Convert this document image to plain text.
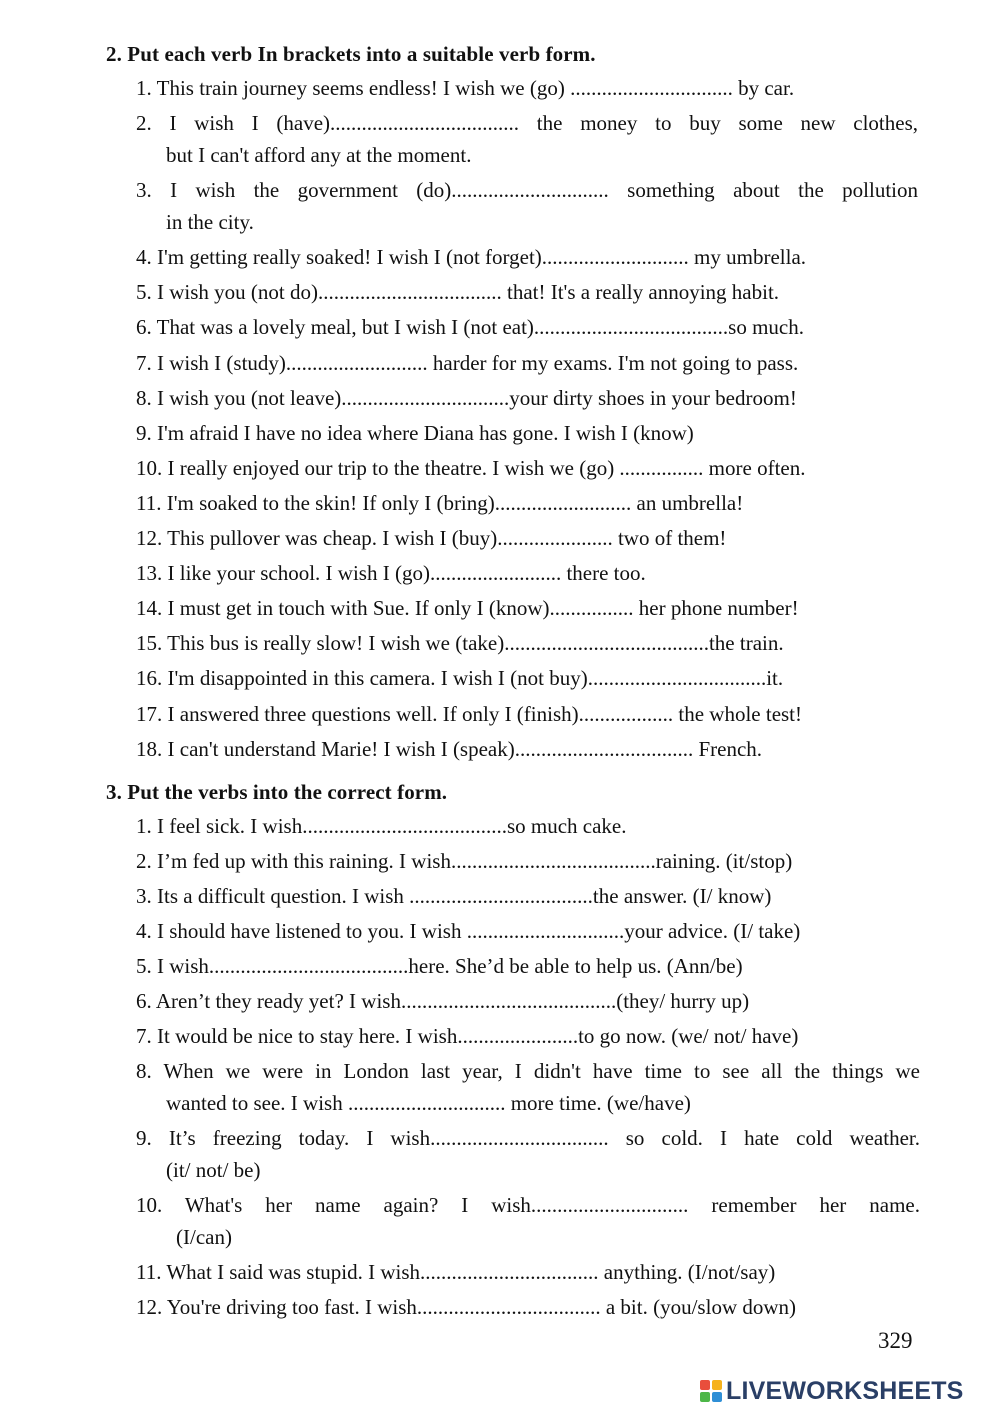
2. Put each verb In brackets into a suitable verb form.
1. This train journey seems endless! I wish we (go) ............................... by car.
2. I wish I (have).................................... the money to buy some new clothes,
but I can't afford any at the moment.
3. I wish the government (do).............................. something about the pollution
in the city.
4. I'm getting really soaked! I wish I (not forget)............................ my umbrella.
5. I wish you (not do)................................... that! It's a really annoying habit.
6. That was a lovely meal, but I wish I (not eat).....................................so much.
7. I wish I (study)........................... harder for my exams. I'm not going to pass.
8. I wish you (not leave)................................your dirty shoes in your bedroom!
9. I'm afraid I have no idea where Diana has gone. I wish I (know)
10. I really enjoyed our trip to the theatre. I wish we (go) ................ more often.
11. I'm soaked to the skin! If only I (bring).......................... an umbrella!
12. This pullover was cheap. I wish I (buy)...................... two of them!
13. I like your school. I wish I (go)......................... there too.
14. I must get in touch with Sue. If only I (know)................ her phone number!
15. This bus is really slow! I wish we (take).......................................the train.
16. I'm disappointed in this camera. I wish I (not buy)..................................it.
17. I answered three questions well. If only I (finish).................. the whole test!
18. I can't understand Marie! I wish I (speak).................................. French.
3. Put the verbs into the correct form.
1. I feel sick. I wish.......................................so much cake.
2. I’m fed up with this raining. I wish.......................................raining. (it/stop)
3. Its a difficult question. I wish ...................................the answer. (I/ know)
4. I should have listened to you. I wish ..............................your advice. (I/ take)
5. I wish......................................here. She’d be able to help us. (Ann/be)
6. Aren’t they ready yet? I wish.........................................(they/ hurry up)
7. It would be nice to stay here. I wish.......................to go now. (we/ not/ have)
8. When we were in London last year, I didn't have time to see all the things we
wanted to see. I wish .............................. more time. (we/have)
9. It’s freezing today. I wish.................................. so cold. I hate cold weather.
(it/ not/ be)
10. What's her name again? I wish.............................. remember her name.
(I/can)
11. What I said was stupid. I wish.................................. anything. (I/not/say)
12. You're driving too fast. I wish................................... a bit. (you/slow down)
329
LIVEWORKSHEETS
